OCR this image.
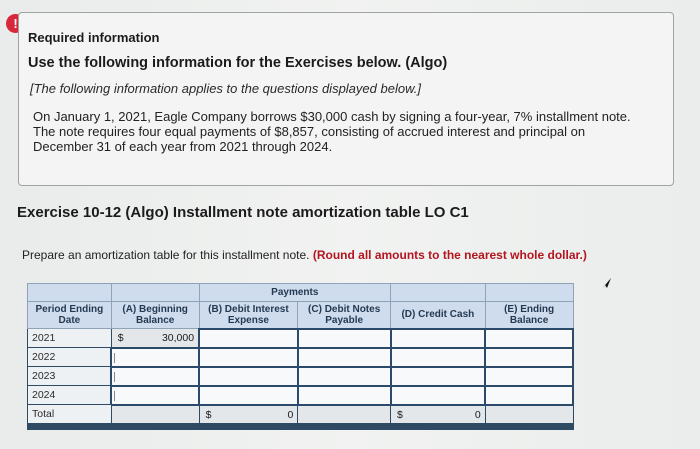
!
Required information
Use the following information for the Exercises below. (Algo)
[The following information applies to the questions displayed below.]
On January 1, 2021, Eagle Company borrows $30,000 cash by signing a four-year, 7% installment note. The note requires four equal payments of $8,857, consisting of accrued interest and principal on December 31 of each year from 2021 through 2024.
Exercise 10-12 (Algo) Installment note amortization table LO C1
Prepare an amortization table for this installment note. (Round all amounts to the nearest whole dollar.)
		Payments			
Period Ending Date	(A) Beginning Balance	(B) Debit Interest Expense	(C) Debit Notes Payable	(D) Credit Cash	(E) Ending Balance
2021	$ 30,000				

2022	

2023	

2024	

Total		$ 0		$ 0	
